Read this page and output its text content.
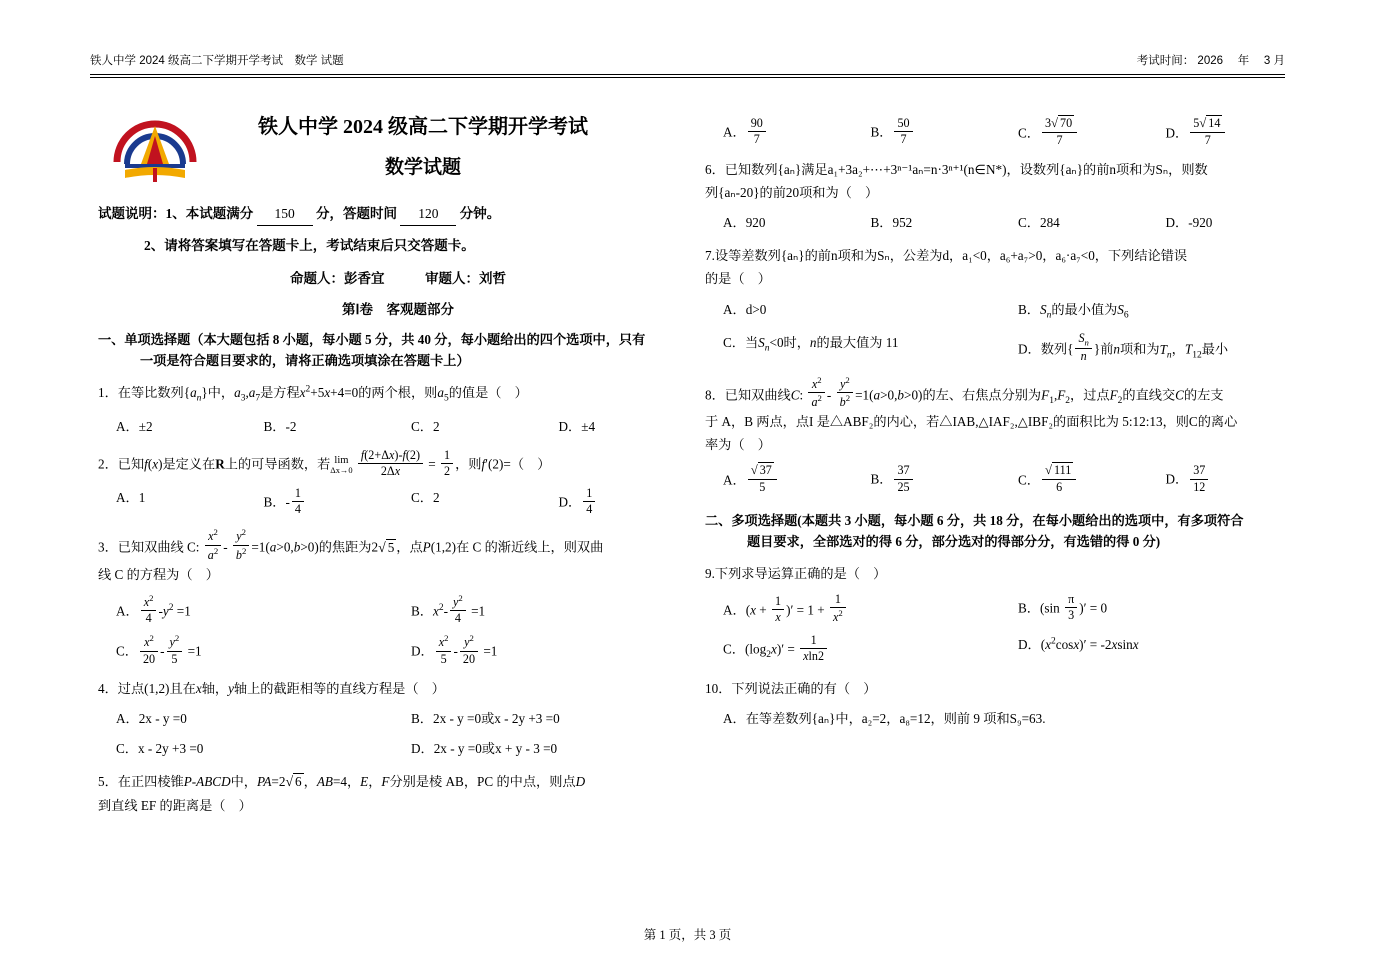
铁人中学 2024 级高二下学期开学考试　数学 试题	考试时间： 2026 　年　 3 月
铁人中学 2024 级高二下学期开学考试
数学试题
试题说明：1、本试题满分 150 分，答题时间 120 分钟。
2、请将答案填写在答题卡上，考试结束后只交答题卡。
命题人：彭香宜　　　审题人：刘哲
第Ⅰ卷　客观题部分
一、单项选择题（本大题包括 8 小题，每小题 5 分，共 40 分，每小题给出的四个选项中，只有
一项是符合题目要求的，请将正确选项填涂在答题卡上）
1．在等比数列$\{a_n\}$中，$a_3,a_7$是方程$x^2+5x+4=0$的两个根，则$a_5$的值是（　）
A．±2	B．-2	C．2	D．±4
2．已知f(x)是定义在R上的可导函数，若 lim
Δx→0
$\frac{f(2+\Delta x)-f(2)}{2\Delta x} = \frac{1}{2}$ ，则f′(2)=（　）
A．1	B．- $\frac{1}{4}$	C．2	D． $\frac{1}{4}$
3．已知双曲线 C: $\frac{x^2}{a^2} - \frac{y^2}{b^2} =1(a>0,b>0)$的焦距为2√ 5 ，点P(1,2)在 C 的渐近线上，则双曲
线 C 的方程为（　）
A． $\frac{x^2}{4} -y^2 =1$	B．$x^2- \frac{y^2}{4} =1$
C． $\frac{x^2}{20} - \frac{y^2}{5} =1$	D． $\frac{x^2}{5} - \frac{y^2}{20} =1$
4．过点(1,2)且在x轴，y轴上的截距相等的直线方程是（　）
A．2x - y =0	B．2x - y =0或x - 2y +3 =0
C．x - 2y +3 =0	D．2x - y =0或x + y - 3 =0
5．在正四棱锥P-ABCD中，PA=2√ 6 ，AB=4，E，F分别是棱 AB，PC 的中点，则点D
到直线 EF 的距离是（　）
A． $\frac{90}{7}$	B． $\frac{50}{7}$	C． $\frac{3√ 70}{7}$	D． $\frac{5√ 14}{7}$
6．已知数列{aₙ}满足a₁+3a₂+⋯+3ⁿ⁻¹aₙ=n·3ⁿ⁺¹(n∈N*)，设数列{aₙ}的前n项和为Sₙ，则数
列{aₙ-20}的前20项和为（　）
A．920	B．952	C．284	D．-920
7.设等差数列{aₙ}的前n项和为Sₙ，公差为d，a₁<0，a₆+a₇>0，a₆·a₇<0，下列结论错误
的是（　）
A．d>0	B．$S_n$的最小值为$S_6$
C．当$S_n<0$时，n的最大值为 11	D．数列{ $\frac{S_n}{n}$ }前n项和为$T_n$，$T_{12}$最小
8．已知双曲线C: $\frac{x^2}{a^2} - \frac{y^2}{b^2} =1(a>0,b>0)$的左、右焦点分别为$F_1,F_2$，过点$F_2$的直线交C的左支
于 A，B 两点，点I 是△ABF₂的内心，若△IAB,△IAF₂,△IBF₂的面积比为 5:12:13，则C的离心
率为（　）
A． $\frac{√ 37}{5}$	B． $\frac{37}{25}$	C． $\frac{√ 111}{6}$	D． $\frac{37}{12}$
二、多项选择题(本题共 3 小题，每小题 6 分，共 18 分，在每小题给出的选项中，有多项符合
题目要求，全部选对的得 6 分，部分选对的得部分分，有选错的得 0 分)
9.下列求导运算正确的是（　）
A．($x + \frac{1}{x}$ )′ = $1 + \frac{1}{x^2}$	B．($\sin \frac{\pi}{3}$ )′ = 0
C．$(\log_2x)' = \frac{1}{xln2}$	D．$(x^2\cos x)' = -2xsinx$
10．下列说法正确的有（　）
A．在等差数列{aₙ}中，a₂=2，a₈=12，则前 9 项和S₉=63.
第 1 页，共 3 页
